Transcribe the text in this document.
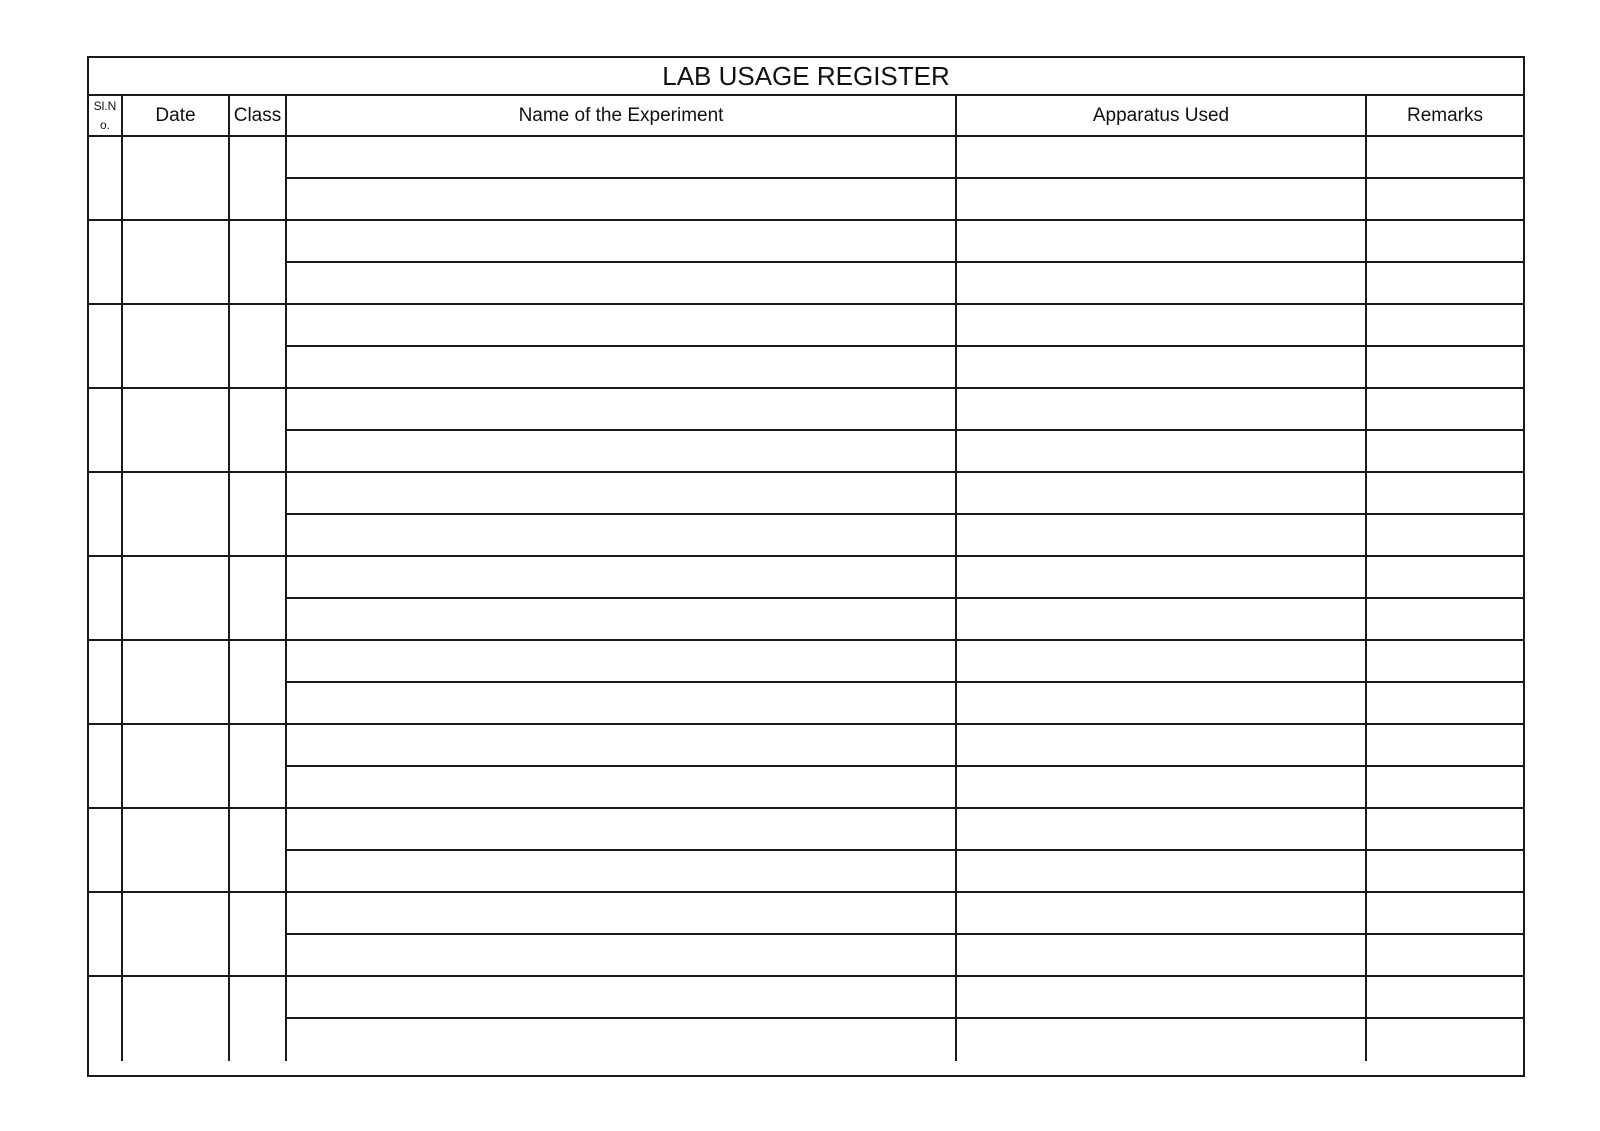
LAB USAGE REGISTER
Sl.No.	Date	Class	Name of the Experiment	Apparatus Used	Remarks
